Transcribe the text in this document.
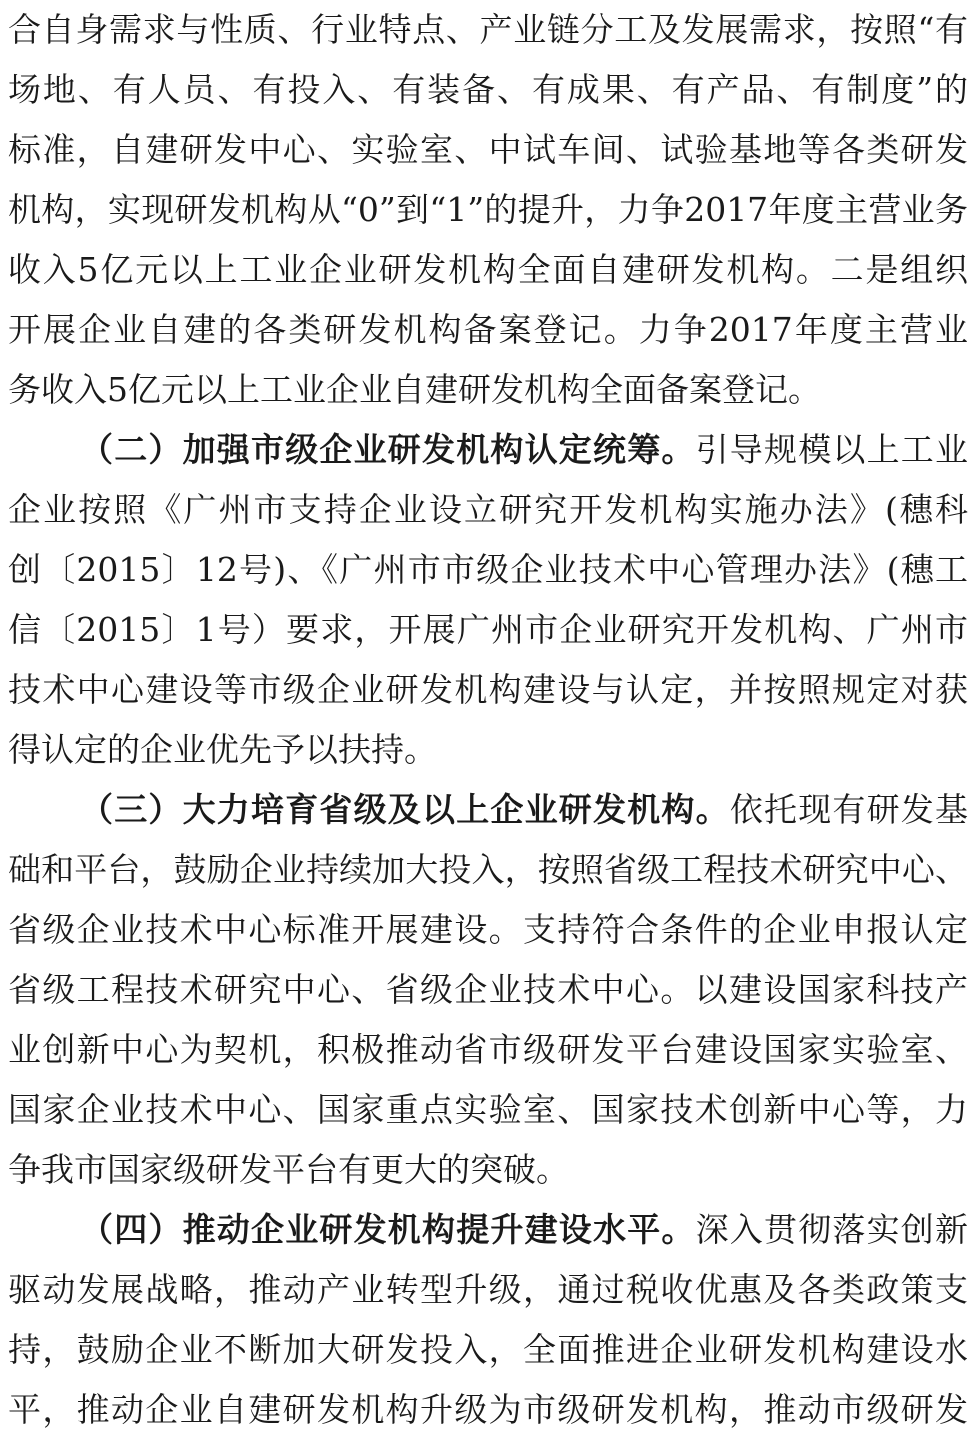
合自身需求与性质、行业特点、产业链分工及发展需求，按照“有
场地、有人员、有投入、有装备、有成果、有产品、有制度”的
标准，自建研发中心、实验室、中试车间、试验基地等各类研发
机构，实现研发机构从“0”到“1”的提升，力争2017年度主营业务
收入5亿元以上工业企业研发机构全面自建研发机构。二是组织
开展企业自建的各类研发机构备案登记。力争2017年度主营业
务收入5亿元以上工业企业自建研发机构全面备案登记。
（二）加强市级企业研发机构认定统筹。引导规模以上工业
企业按照《广州市支持企业设立研究开发机构实施办法》(穗科
创〔2015〕12号)、《广州市市级企业技术中心管理办法》(穗工
信〔2015〕1号）要求，开展广州市企业研究开发机构、广州市
技术中心建设等市级企业研发机构建设与认定，并按照规定对获
得认定的企业优先予以扶持。
（三）大力培育省级及以上企业研发机构。依托现有研发基
础和平台，鼓励企业持续加大投入，按照省级工程技术研究中心、
省级企业技术中心标准开展建设。支持符合条件的企业申报认定
省级工程技术研究中心、省级企业技术中心。以建设国家科技产
业创新中心为契机，积极推动省市级研发平台建设国家实验室、
国家企业技术中心、国家重点实验室、国家技术创新中心等，力
争我市国家级研发平台有更大的突破。
（四）推动企业研发机构提升建设水平。深入贯彻落实创新
驱动发展战略，推动产业转型升级，通过税收优惠及各类政策支
持，鼓励企业不断加大研发投入，全面推进企业研发机构建设水
平，推动企业自建研发机构升级为市级研发机构，推动市级研发
